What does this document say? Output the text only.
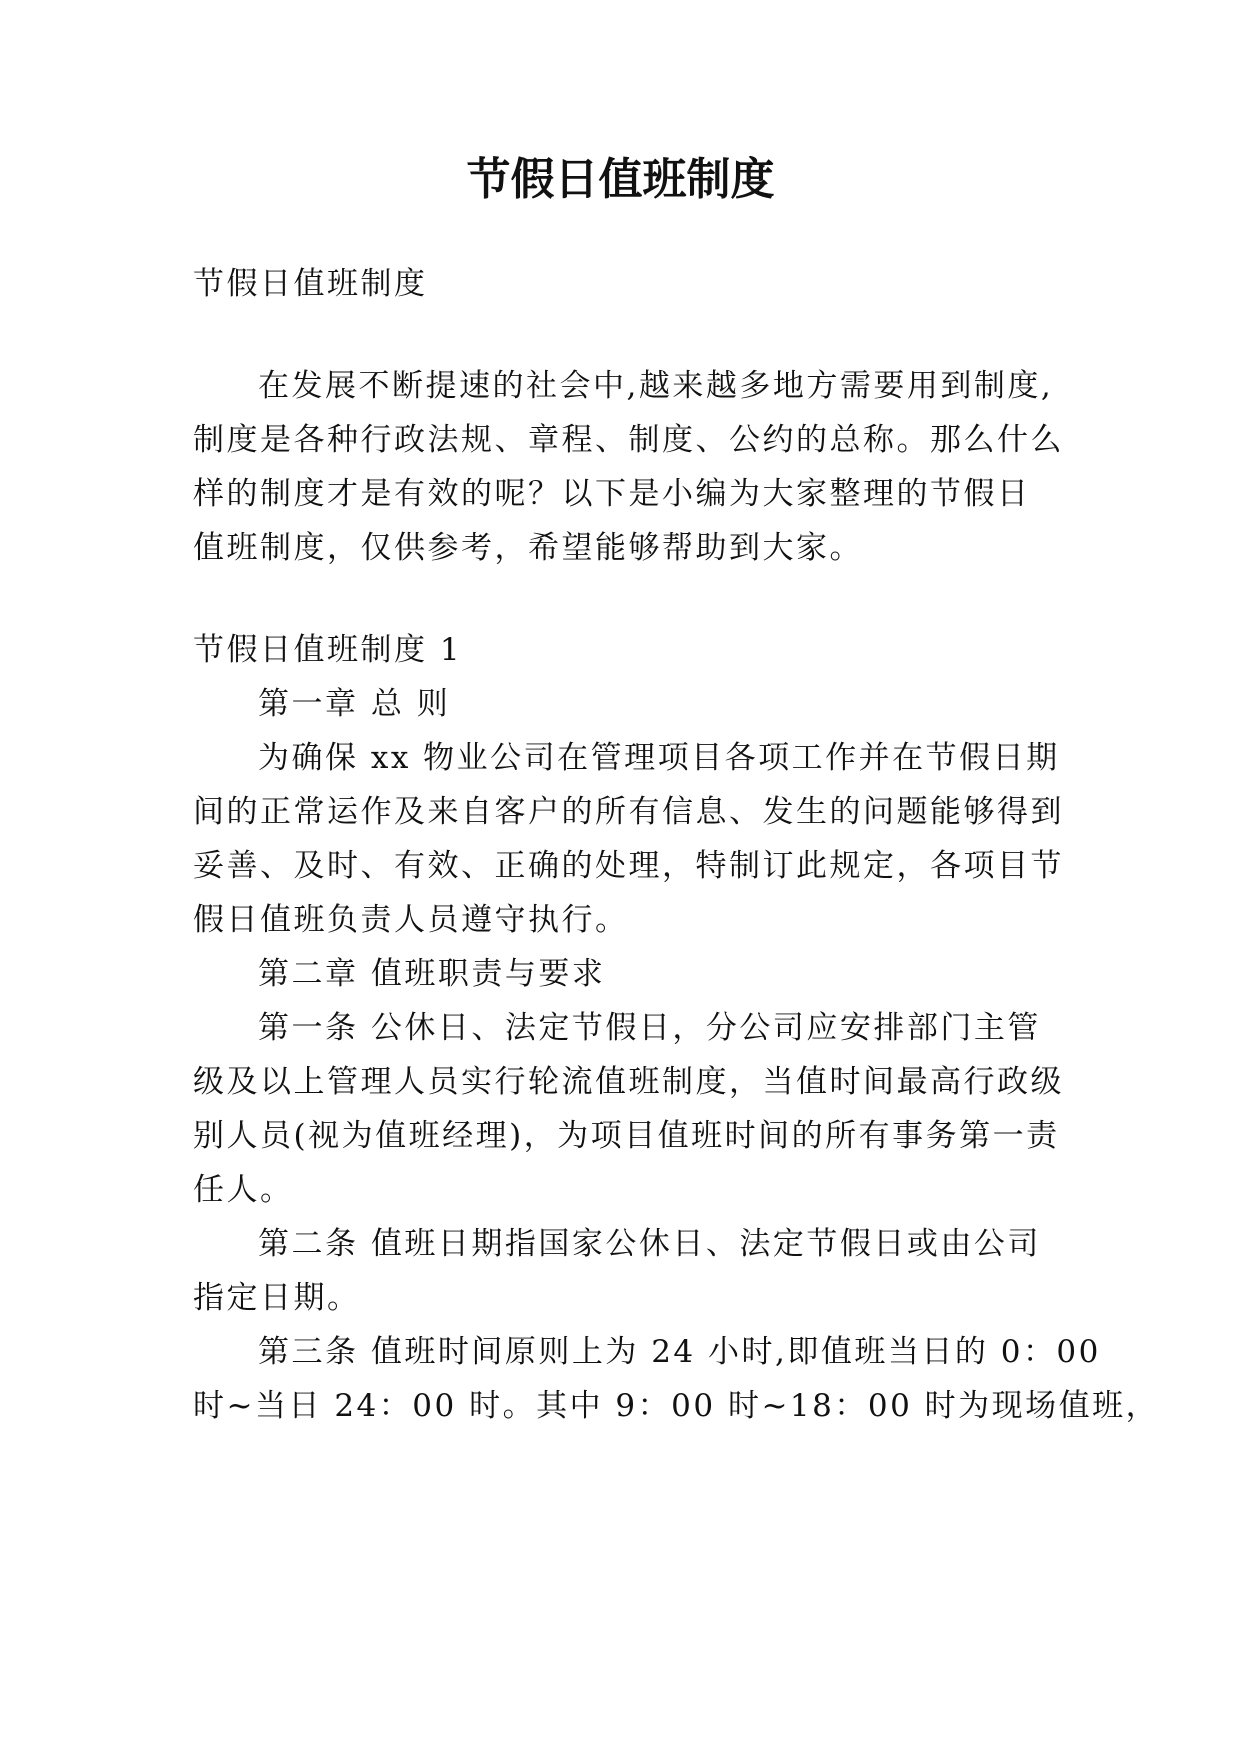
节假日值班制度

节假日值班制度

在发展不断提速的社会中,越来越多地方需要用到制度,

制度是各种行政法规、章程、制度、公约的总称。那么什么

样的制度才是有效的呢？以下是小编为大家整理的节假日

值班制度，仅供参考，希望能够帮助到大家。

节假日值班制度 1

第一章 总 则

为确保 xx 物业公司在管理项目各项工作并在节假日期

间的正常运作及来自客户的所有信息、发生的问题能够得到

妥善、及时、有效、正确的处理，特制订此规定，各项目节

假日值班负责人员遵守执行。

第二章 值班职责与要求

第一条 公休日、法定节假日，分公司应安排部门主管

级及以上管理人员实行轮流值班制度，当值时间最高行政级

别人员(视为值班经理)，为项目值班时间的所有事务第一责

任人。

第二条 值班日期指国家公休日、法定节假日或由公司

指定日期。

第三条 值班时间原则上为 24 小时,即值班当日的 0：00

时~当日 24：00 时。其中 9：00 时~18：00 时为现场值班，
